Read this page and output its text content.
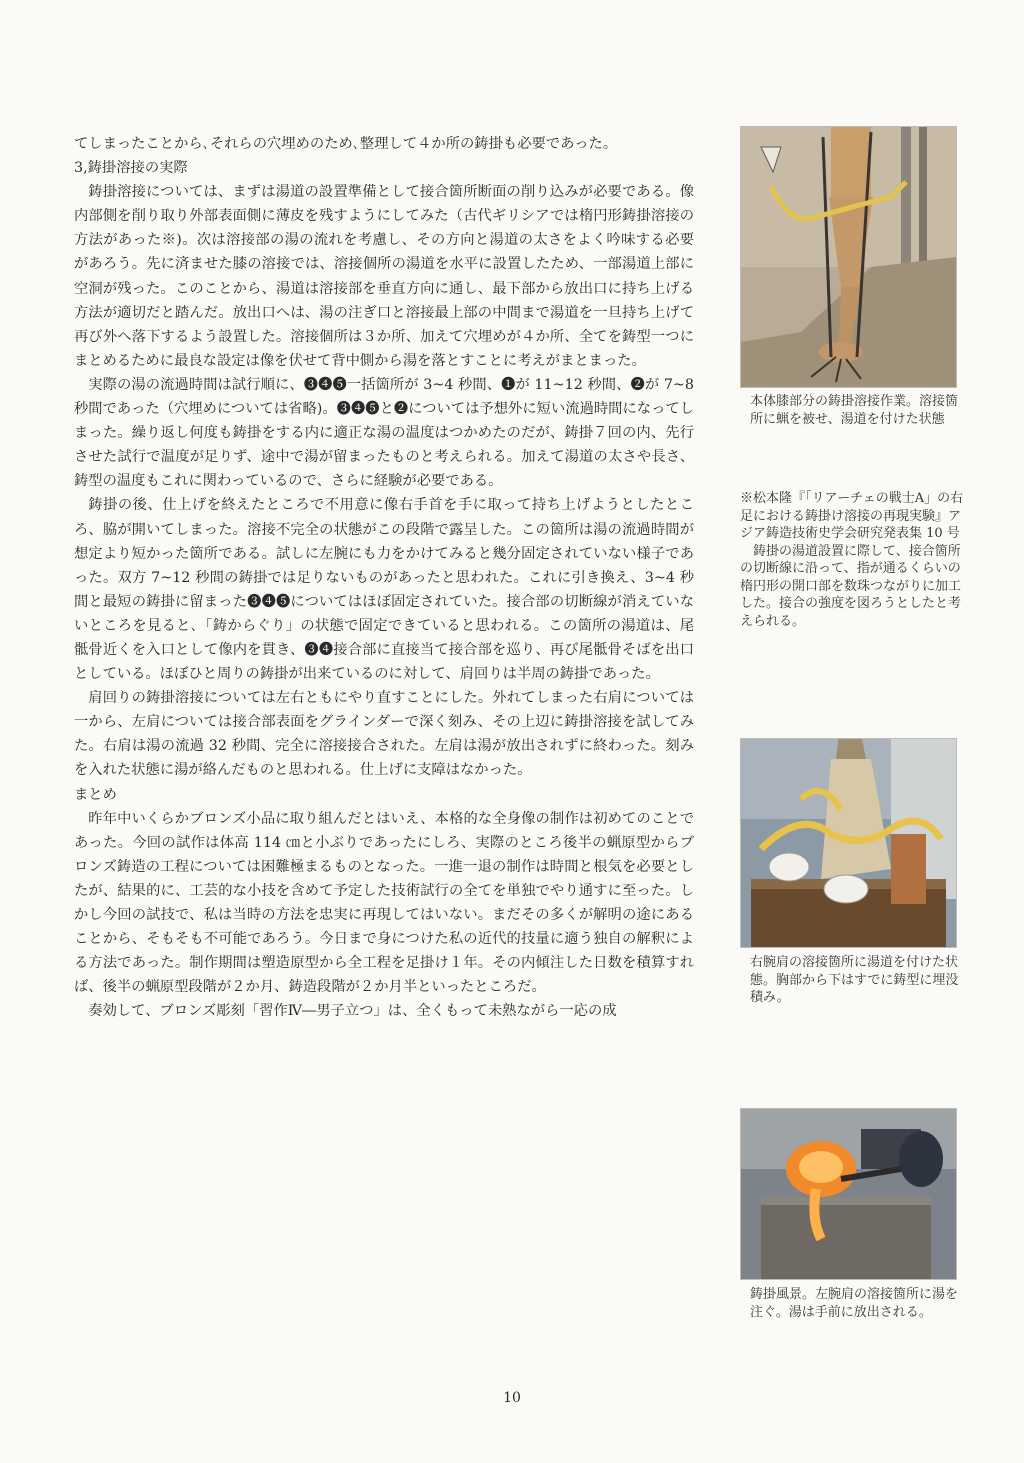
てしまったことから､それらの穴埋めのため､整理して４か所の鋳掛も必要であった。

3,鋳掛溶接の実際

鋳掛溶接については、まずは湯道の設置準備として接合箇所断面の削り込みが必要である。像内部側を削り取り外部表面側に薄皮を残すようにしてみた（古代ギリシアでは楕円形鋳掛溶接の方法があった※)。次は溶接部の湯の流れを考慮し、その方向と湯道の太さをよく吟味する必要があろう。先に済ませた膝の溶接では、溶接個所の湯道を水平に設置したため、一部湯道上部に空洞が残った。このことから、湯道は溶接部を垂直方向に通し、最下部から放出口に持ち上げる方法が適切だと踏んだ。放出口へは、湯の注ぎ口と溶接最上部の中間まで湯道を一旦持ち上げて再び外へ落下するよう設置した。溶接個所は３か所、加えて穴埋めが４か所、全てを鋳型一つにまとめるために最良な設定は像を伏せて背中側から湯を落とすことに考えがまとまった。

実際の湯の流過時間は試行順に、❸❹❺一括箇所が 3~4 秒間、❶が 11~12 秒間、❷が 7~8 秒間であった（穴埋めについては省略)。❸❹❺と❷については予想外に短い流過時間になってしまった。繰り返し何度も鋳掛をする内に適正な湯の温度はつかめたのだが、鋳掛７回の内、先行させた試行で温度が足りず、途中で湯が留まったものと考えられる。加えて湯道の太さや長さ、鋳型の温度もこれに関わっているので、さらに経験が必要である。

鋳掛の後、仕上げを終えたところで不用意に像右手首を手に取って持ち上げようとしたところ、脇が開いてしまった。溶接不完全の状態がこの段階で露呈した。この箇所は湯の流過時間が想定より短かった箇所である。試しに左腕にも力をかけてみると幾分固定されていない様子であった。双方 7~12 秒間の鋳掛では足りないものがあったと思われた。これに引き換え、3~4 秒間と最短の鋳掛に留まった❸❹❺についてはほぼ固定されていた。接合部の切断線が消えていないところを見ると､「鋳からぐり」の状態で固定できていると思われる。この箇所の湯道は、尾骶骨近くを入口として像内を貫き、❸❹接合部に直接当て接合部を巡り、再び尾骶骨そばを出口としている。ほぼひと周りの鋳掛が出来ているのに対して、肩回りは半周の鋳掛であった。

肩回りの鋳掛溶接については左右ともにやり直すことにした。外れてしまった右肩については一から、左肩については接合部表面をグラインダーで深く刻み、その上辺に鋳掛溶接を試してみた。右肩は湯の流過 32 秒間、完全に溶接接合された。左肩は湯が放出されずに終わった。刻みを入れた状態に湯が絡んだものと思われる。仕上げに支障はなかった。

まとめ

昨年中いくらかブロンズ小品に取り組んだとはいえ、本格的な全身像の制作は初めてのことであった。今回の試作は体高 114 ㎝と小ぶりであったにしろ、実際のところ後半の蝋原型からブロンズ鋳造の工程については困難極まるものとなった。一進一退の制作は時間と根気を必要としたが、結果的に、工芸的な小技を含めて予定した技術試行の全てを単独でやり通すに至った。しかし今回の試技で、私は当時の方法を忠実に再現してはいない。まだその多くが解明の途にあることから、そもそも不可能であろう。今日まで身につけた私の近代的技量に適う独自の解釈による方法であった。制作期間は塑造原型から全工程を足掛け１年。その内傾注した日数を積算すれば、後半の蝋原型段階が２か月、鋳造段階が２か月半といったところだ。

奏効して、ブロンズ彫刻「習作Ⅳ―男子立つ」は、全くもって未熟ながら一応の成

本体膝部分の鋳掛溶接作業。溶接箇所に蝋を被せ、湯道を付けた状態

※松本隆『「リアーチェの戦士A」の右足における鋳掛け溶接の再現実験』アジア鋳造技術史学会研究発表集 10 号

鋳掛の湯道設置に際して、接合箇所の切断線に沿って、指が通るくらいの楕円形の開口部を数珠つながりに加工した。接合の強度を図ろうとしたと考えられる。

右腕肩の溶接箇所に湯道を付けた状態。胸部から下はすでに鋳型に埋没積み。

鋳掛風景。左腕肩の溶接箇所に湯を注ぐ。湯は手前に放出される。

10
